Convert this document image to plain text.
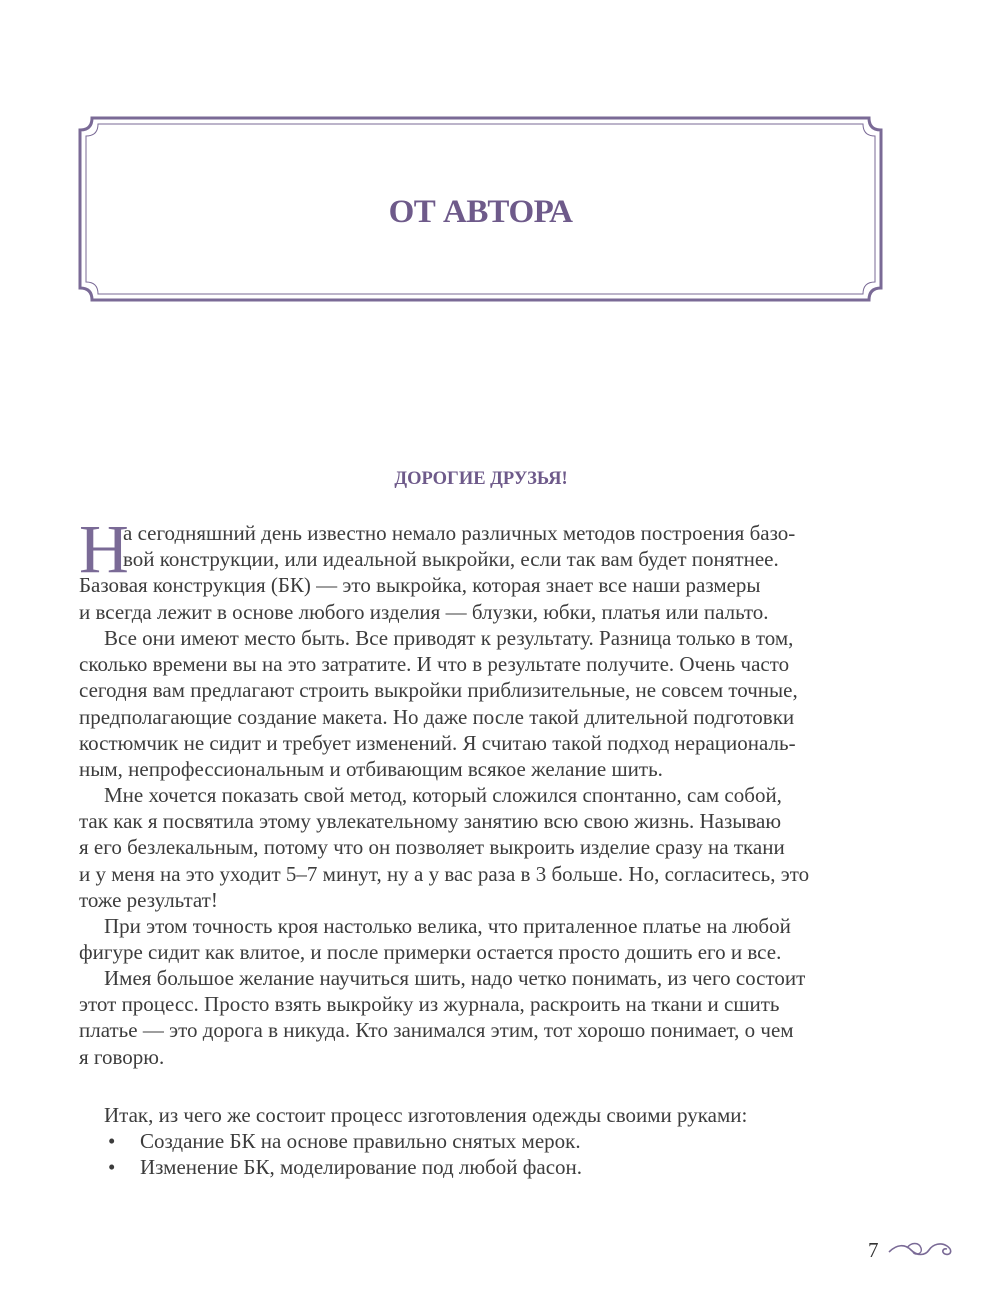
ОТ АВТОРА
ДОРОГИЕ ДРУЗЬЯ!
Н
а сегодняшний день известно немало различных методов построения базо-
вой конструкции, или идеальной выкройки, если так вам будет понятнее.
Базовая конструкция (БК) — это выкройка, которая знает все наши размеры
и всегда лежит в основе любого изделия — блузки, юбки, платья или пальто.
Все они имеют место быть. Все приводят к результату. Разница только в том,
сколько времени вы на это затратите. И что в результате получите. Очень часто
сегодня вам предлагают строить выкройки приблизительные, не совсем точные,
предполагающие создание макета. Но даже после такой длительной подготовки
костюмчик не сидит и требует изменений. Я считаю такой подход нерациональ-
ным, непрофессиональным и отбивающим всякое желание шить.
Мне хочется показать свой метод, который сложился спонтанно, сам собой,
так как я посвятила этому увлекательному занятию всю свою жизнь. Называю
я его безлекальным, потому что он позволяет выкроить изделие сразу на ткани
и у меня на это уходит 5–7 минут, ну а у вас раза в 3 больше. Но, согласитесь, это
тоже результат!
При этом точность кроя настолько велика, что приталенное платье на любой
фигуре сидит как влитое, и после примерки остается просто дошить его и все.
Имея большое желание научиться шить, надо четко понимать, из чего состоит
этот процесс. Просто взять выкройку из журнала, раскроить на ткани и сшить
платье — это дорога в никуда. Кто занимался этим, тот хорошо понимает, о чем
я говорю.
Итак, из чего же состоит процесс изготовления одежды своими руками:
• Создание БК на основе правильно снятых мерок.
• Изменение БК, моделирование под любой фасон.
7
